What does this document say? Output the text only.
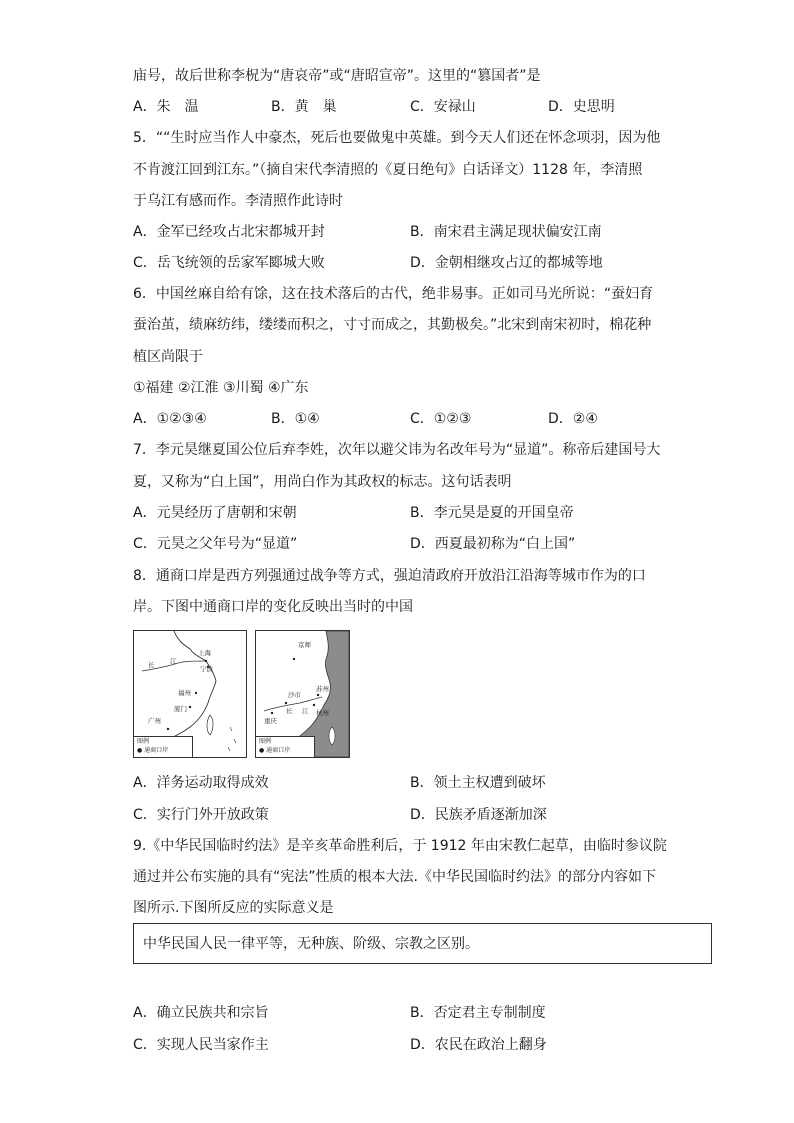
庙号，故后世称李柷为“唐哀帝”或“唐昭宣帝”。这里的“篡国者”是
A．朱　温	B．黄　巢	C．安禄山	D．史思明
5．““生时应当作人中豪杰，死后也要做鬼中英雄。到今天人们还在怀念项羽，因为他
不肯渡江回到江东。”（摘自宋代李清照的《夏日绝句》白话译文）1128 年，李清照
于乌江有感而作。李清照作此诗时
A．金军已经攻占北宋都城开封	B．南宋君主满足现状偏安江南
C．岳飞统领的岳家军郾城大败	D．金朝相继攻占辽的都城等地
6．中国丝麻自给有馀，这在技术落后的古代，绝非易事。正如司马光所说：“蚕妇育
蚕治茧，绩麻纺纬，缕缕而积之，寸寸而成之，其勤极矣。”北宋到南宋初时，棉花种
植区尚限于
①福建 ②江淮 ③川蜀 ④广东
A．①②③④	B．①④	C．①②③	D．②④
7．李元昊继夏国公位后弃李姓，次年以避父讳为名改年号为“显道”。称帝后建国号大
夏，又称为“白上国”，用尚白作为其政权的标志。这句话表明
A．元昊经历了唐朝和宋朝	B．李元昊是夏的开国皇帝
C．元昊之父年号为“显道”	D．西夏最初称为“白上国”
8．通商口岸是西方列强通过战争等方式，强迫清政府开放沿江沿海等城市作为的口
岸。下图中通商口岸的变化反映出当时的中国
长 江
上海
宁波
福州
厦门
广州
图例
● 通商口岸
京师
苏州
沙市
长 江 杭州
重庆
图例
● 通商口岸
A．洋务运动取得成效	B．领土主权遭到破坏
C．实行门外开放政策	D．民族矛盾逐渐加深
9.《中华民国临时约法》是辛亥革命胜利后，于 1912 年由宋教仁起草，由临时参议院
通过并公布实施的具有“宪法”性质的根本大法.《中华民国临时约法》的部分内容如下
图所示.下图所反应的实际意义是
中华民国人民一律平等，无种族、阶级、宗教之区别。
A．确立民族共和宗旨	B．否定君主专制制度
C．实现人民当家作主	D．农民在政治上翻身
